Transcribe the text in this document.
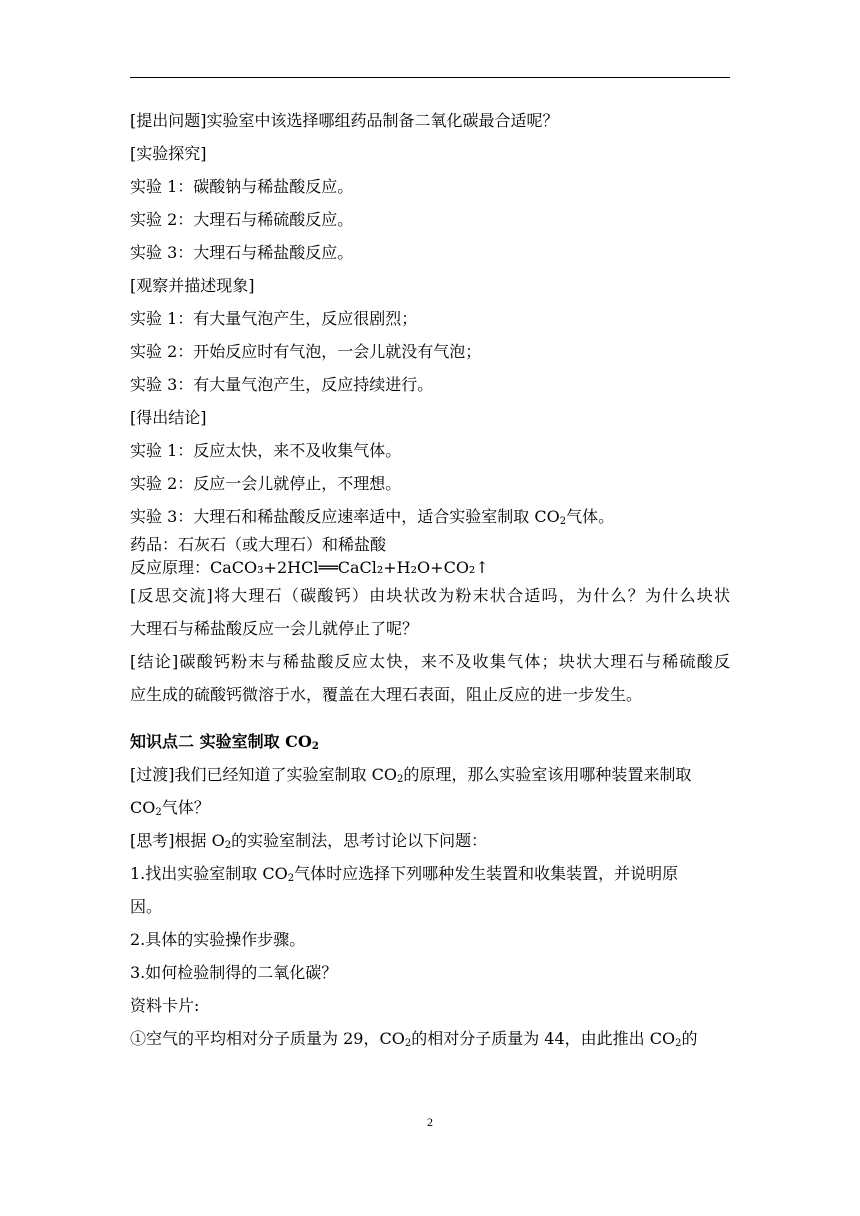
[提出问题]实验室中该选择哪组药品制备二氧化碳最合适呢？
[实验探究]
实验 1：碳酸钠与稀盐酸反应。
实验 2：大理石与稀硫酸反应。
实验 3：大理石与稀盐酸反应。
[观察并描述现象]
实验 1：有大量气泡产生，反应很剧烈；
实验 2：开始反应时有气泡，一会儿就没有气泡；
实验 3：有大量气泡产生，反应持续进行。
[得出结论]
实验 1：反应太快，来不及收集气体。
实验 2：反应一会儿就停止，不理想。
实验 3：大理石和稀盐酸反应速率适中，适合实验室制取 $CO_2$气体。
药品：石灰石（或大理石）和稀盐酸
反应原理：CaCO₃+2HCl══CaCl₂+H₂O+CO₂↑
[反思交流]将大理石（碳酸钙）由块状改为粉末状合适吗，为什么？为什么块状
大理石与稀盐酸反应一会儿就停止了呢？
[结论]碳酸钙粉末与稀盐酸反应太快，来不及收集气体；块状大理石与稀硫酸反
应生成的硫酸钙微溶于水，覆盖在大理石表面，阻止反应的进一步发生。
知识点二 实验室制取 $CO_2$
[过渡]我们已经知道了实验室制取 $CO_2$的原理，那么实验室该用哪种装置来制取
$CO_2$气体？
[思考]根据 $O_2$的实验室制法，思考讨论以下问题：
1.找出实验室制取 $CO_2$气体时应选择下列哪种发生装置和收集装置，并说明原
因。
2.具体的实验操作步骤。
3.如何检验制得的二氧化碳？
资料卡片:
①空气的平均相对分子质量为 29，$CO_2$的相对分子质量为 44，由此推出 $CO_2$的
2
